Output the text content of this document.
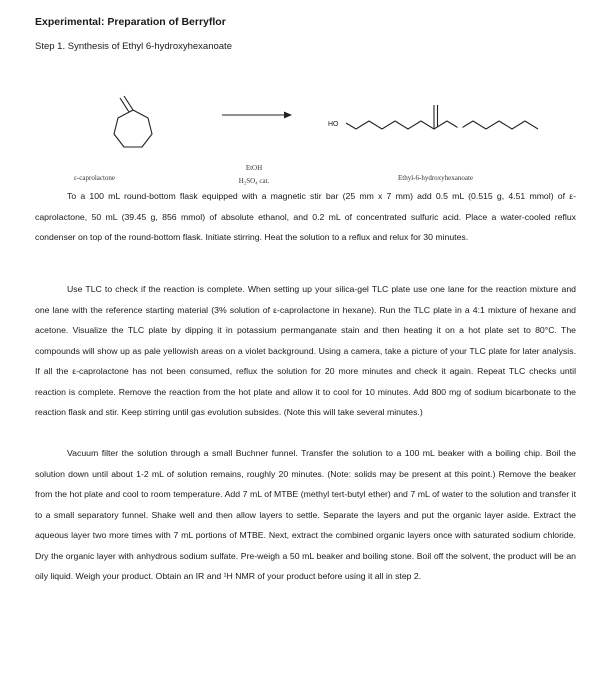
Experimental: Preparation of Berryflor
Step 1. Synthesis of Ethyl 6-hydroxyhexanoate
HO
EtOH
H₂SO₄ cat.
ε-caprolactone	Ethyl-6-hydroxyhexanoate

To a 100 mL round-bottom flask equipped with a magnetic stir bar (25 mm x 7 mm) add 0.5 mL (0.515 g, 4.51 mmol) of ε-caprolactone, 50 mL (39.45 g, 856 mmol) of absolute ethanol, and 0.2 mL of concentrated sulfuric acid. Place a water-cooled reflux condenser on top of the round-bottom flask. Initiate stirring. Heat the solution to a reflux and relux for 30 minutes.

Use TLC to check if the reaction is complete. When setting up your silica-gel TLC plate use one lane for the reaction mixture and one lane with the reference starting material (3% solution of ε-caprolactone in hexane). Run the TLC plate in a 4:1 mixture of hexane and acetone. Visualize the TLC plate by dipping it in potassium permanganate stain and then heating it on a hot plate set to 80°C. The compounds will show up as pale yellowish areas on a violet background. Using a camera, take a picture of your TLC plate for later analysis. If all the ε-caprolactone has not been consumed, reflux the solution for 20 more minutes and check it again. Repeat TLC checks until reaction is complete. Remove the reaction from the hot plate and allow it to cool for 10 minutes. Add 800 mg of sodium bicarbonate to the reaction flask and stir. Keep stirring until gas evolution subsides. (Note this will take several minutes.)

Vacuum filter the solution through a small Buchner funnel. Transfer the solution to a 100 mL beaker with a boiling chip. Boil the solution down until about 1-2 mL of solution remains, roughly 20 minutes. (Note: solids may be present at this point.) Remove the beaker from the hot plate and cool to room temperature. Add 7 mL of MTBE (methyl tert-butyl ether) and 7 mL of water to the solution and transfer it to a small separatory funnel. Shake well and then allow layers to settle. Separate the layers and put the organic layer aside. Extract the aqueous layer two more times with 7 mL portions of MTBE. Next, extract the combined organic layers once with saturated sodium chloride. Dry the organic layer with anhydrous sodium sulfate. Pre-weigh a 50 mL beaker and boiling stone. Boil off the solvent, the product will be an oily liquid. Weigh your product. Obtain an IR and ¹H NMR of your product before using it all in step 2.
